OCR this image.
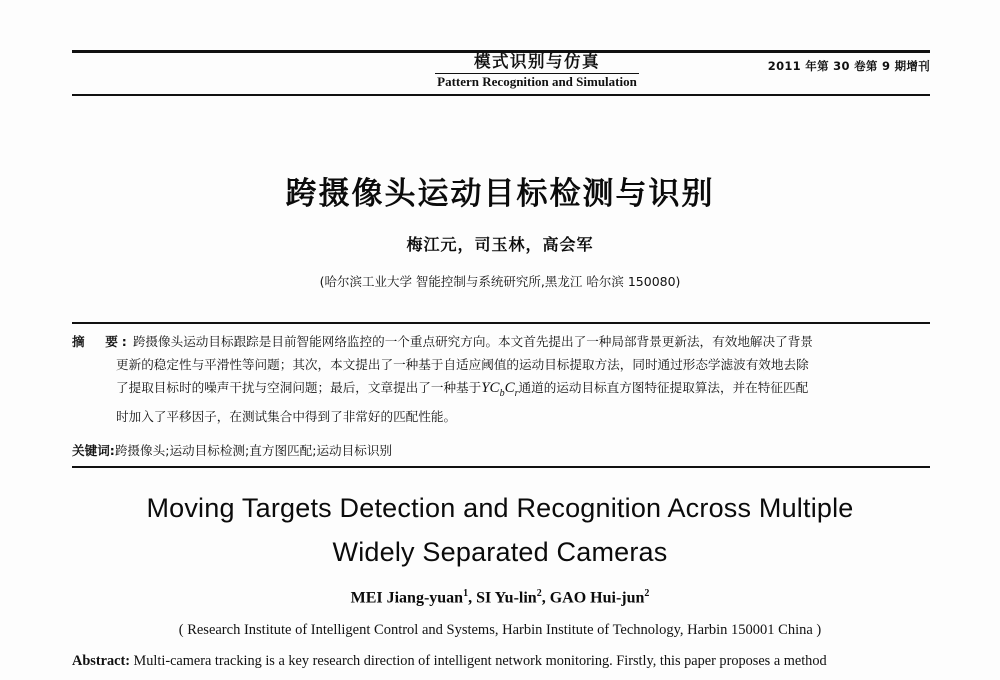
模式识别与仿真
Pattern Recognition and Simulation
2011 年第 30 卷第 9 期增刊
跨摄像头运动目标检测与识别
梅江元，司玉林，高会军
(哈尔滨工业大学 智能控制与系统研究所,黑龙江 哈尔滨 150080)

摘　要: 跨摄像头运动目标跟踪是目前智能网络监控的一个重点研究方向。本文首先提出了一种局部背景更新法，有效地解决了背景

更新的稳定性与平滑性等问题；其次，本文提出了一种基于自适应阈值的运动目标提取方法，同时通过形态学滤波有效地去除

了提取目标时的噪声干扰与空洞问题；最后，文章提出了一种基于$YC_bC_r$通道的运动目标直方图特征提取算法，并在特征匹配

时加入了平移因子，在测试集合中得到了非常好的匹配性能。

关键词:跨摄像头;运动目标检测;直方图匹配;运动目标识别
Moving Targets Detection and Recognition Across Multiple
Widely Separated Cameras
MEI Jiang-yuan$^1$, SI Yu-lin$^2$, GAO Hui-jun$^2$
( Research Institute of Intelligent Control and Systems, Harbin Institute of Technology, Harbin 150001 China )
Abstract: Multi-camera tracking is a key research direction of intelligent network monitoring. Firstly, this paper proposes a method
